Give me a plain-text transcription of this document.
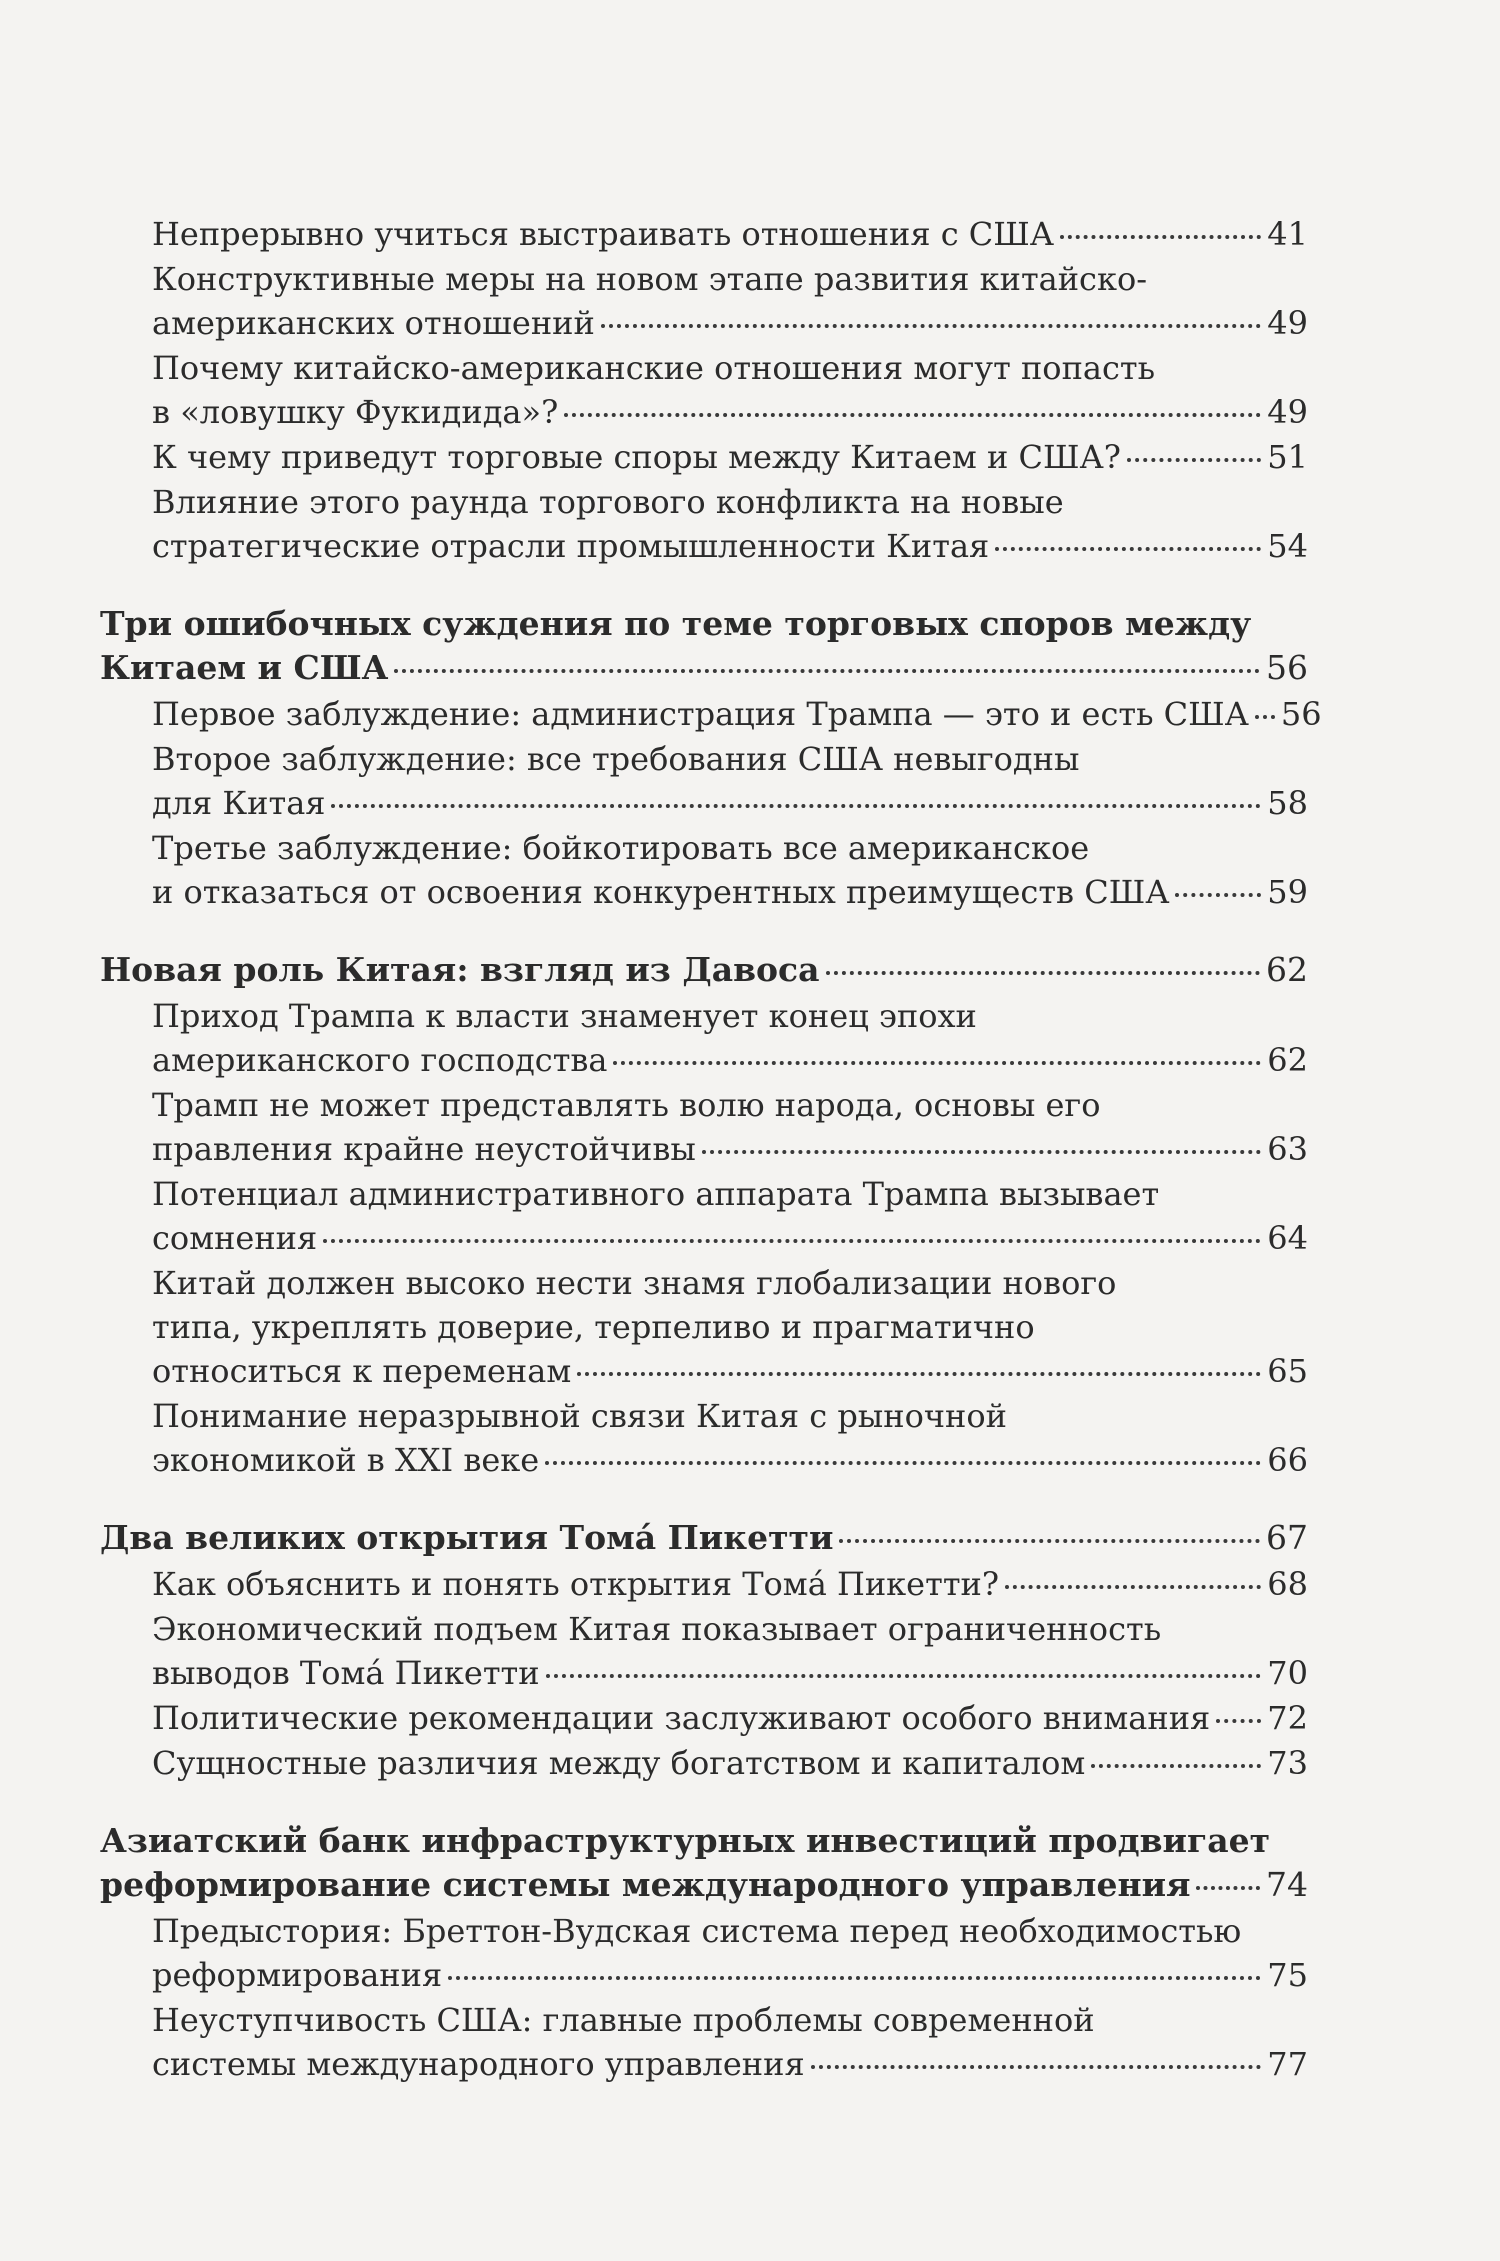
Непрерывно учиться выстраивать отношения с США	41
Конструктивные меры на новом этапе развития китайско-
американских отношений	49
Почему китайско-американские отношения могут попасть
в «ловушку Фукидида»?	49
К чему приведут торговые споры между Китаем и США?	51
Влияние этого раунда торгового конфликта на новые
стратегические отрасли промышленности Китая	54
Три ошибочных суждения по теме торговых споров между
Китаем и США	56
Первое заблуждение: администрация Трампа — это и есть США 56
Второе заблуждение: все требования США невыгодны
для Китая	58
Третье заблуждение: бойкотировать все американское
и отказаться от освоения конкурентных преимуществ США	59
Новая роль Китая: взгляд из Давоса	62
Приход Трампа к власти знаменует конец эпохи
американского господства	62
Трамп не может представлять волю народа, основы его
правления крайне неустойчивы	63
Потенциал административного аппарата Трампа вызывает
сомнения	64
Китай должен высоко нести знамя глобализации нового
типа, укреплять доверие, терпеливо и прагматично
относиться к переменам	65
Понимание неразрывной связи Китая с рыночной
экономикой в XXI веке	66
Два великих открытия Томá Пикетти	67
Как объяснить и понять открытия Томá Пикетти?	68
Экономический подъем Китая показывает ограниченность
выводов Томá Пикетти	70
Политические рекомендации заслуживают особого внимания 72
Сущностные различия между богатством и капиталом	73
Азиатский банк инфраструктурных инвестиций продвигает
реформирование системы международного управления 74
Предыстория: Бреттон-Вудская система перед необходимостью
реформирования	75
Неуступчивость США: главные проблемы современной
системы международного управления	77
